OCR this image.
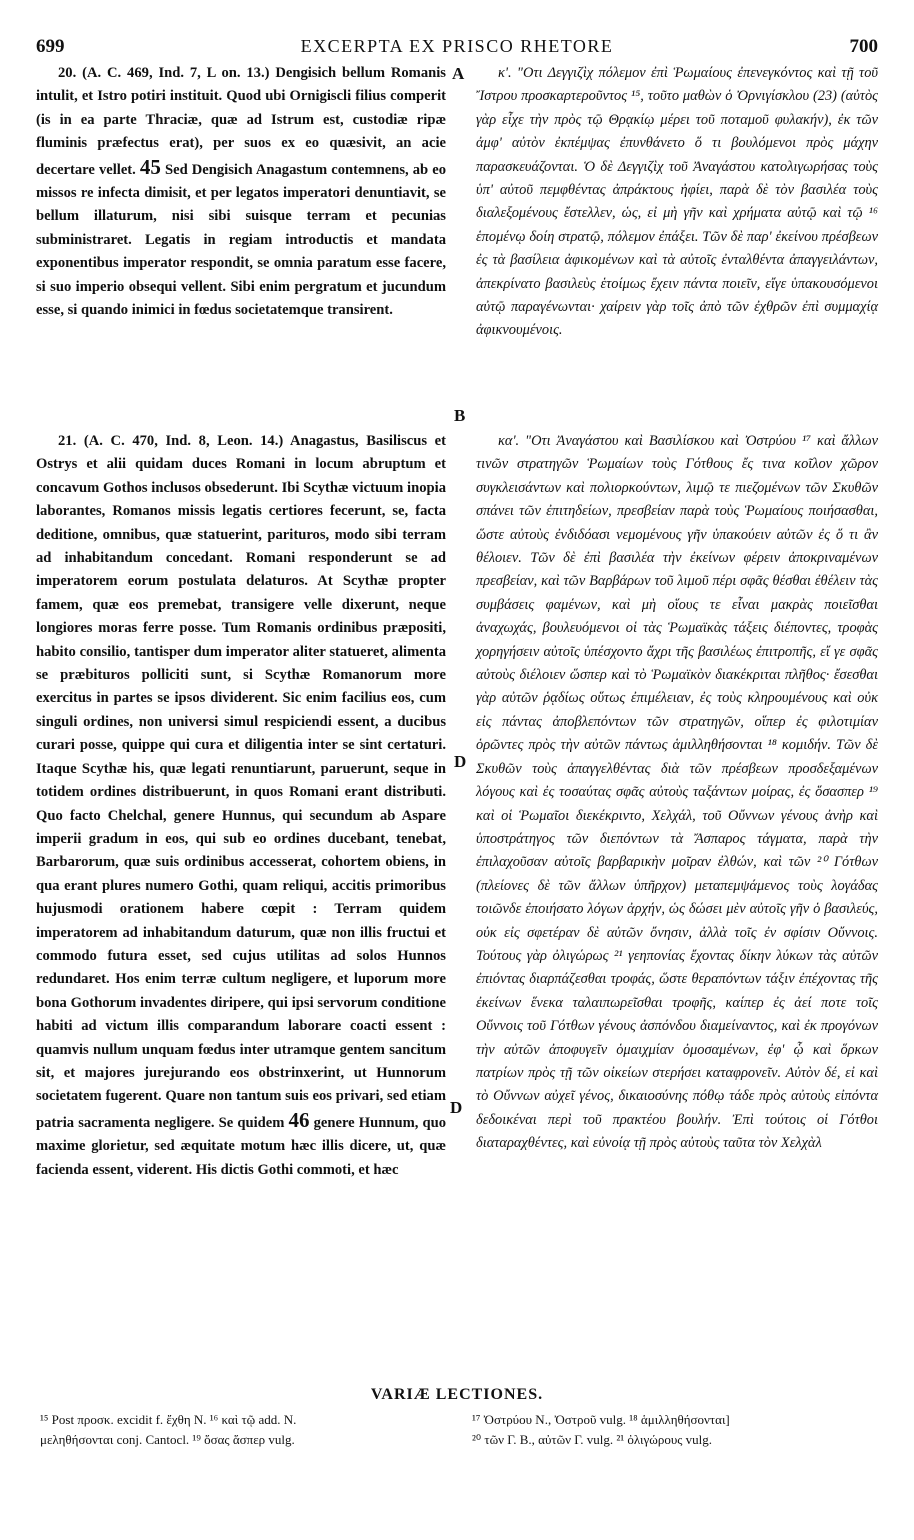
699	EXCERPTA EX PRISCO RHETORE	700

20. (A. C. 469, Ind. 7, L on. 13.) Dengisich bellum Romanis intulit, et Istro potiri instituit. Quod ubi Ornigiscli filius comperit (is in ea parte Thraciæ, quæ ad Istrum est, custodiæ ripæ fluminis præfectus erat), per suos ex eo quæsivit, an acie decertare vellet. 45 Sed Dengisich Anagastum contemnens, ab eo missos re infecta dimisit, et per legatos imperatori denuntiavit, se bellum illaturum, nisi sibi suisque terram et pecunias subministraret. Legatis in regiam introductis et mandata exponentibus imperator respondit, se omnia paratum esse facere, si suo imperio obsequi vellent. Sibi enim pergratum et jucundum esse, si quando inimici in fœdus societatemque transirent.

21. (A. C. 470, Ind. 8, Leon. 14.) Anagastus, Basiliscus et Ostrys et alii quidam duces Romani in locum abruptum et concavum Gothos inclusos obsederunt. Ibi Scythæ victuum inopia laborantes, Romanos missis legatis certiores fecerunt, se, facta deditione, omnibus, quæ statuerint, parituros, modo sibi terram ad inhabitandum concedant. Romani responderunt se ad imperatorem eorum postulata delaturos. At Scythæ propter famem, quæ eos premebat, transigere velle dixerunt, neque longiores moras ferre posse. Tum Romanis ordinibus præpositi, habito consilio, tantisper dum imperator aliter statueret, alimenta se præbituros polliciti sunt, si Scythæ Romanorum more exercitus in partes se ipsos dividerent. Sic enim facilius eos, cum singuli ordines, non universi simul respiciendi essent, a ducibus curari posse, quippe qui cura et diligentia inter se sint certaturi. Itaque Scythæ his, quæ legati renuntiarunt, paruerunt, seque in totidem ordines distribuerunt, in quos Romani erant distributi. Quo facto Chelchal, genere Hunnus, qui secundum ab Aspare imperii gradum in eos, qui sub eo ordines ducebant, tenebat, Barbarorum, quæ suis ordinibus accesserat, cohortem obiens, in qua erant plures numero Gothi, quam reliqui, accitis primoribus hujusmodi orationem habere cœpit : Terram quidem imperatorem ad inhabitandum daturum, quæ non illis fructui et commodo futura esset, sed cujus utilitas ad solos Hunnos redundaret. Hos enim terræ cultum negligere, et luporum more bona Gothorum invadentes diripere, qui ipsi servorum conditione habiti ad victum illis comparandum laborare coacti essent : quamvis nullum unquam fœdus inter utramque gentem sancitum sit, et majores jurejurando eos obstrinxerint, ut Hunnorum societatem fugerent. Quare non tantum suis eos privari, sed etiam patria sacramenta negligere. Se quidem 46 genere Hunnum, quo maxime glorietur, sed æquitate motum hæc illis dicere, ut, quæ facienda essent, viderent. His dictis Gothi commoti, et hæc

A
B
D
D

κʹ. "Οτι Δεγγιζὶχ πόλεμον ἐπὶ Ῥωμαίους ἐπενεγκόντος καὶ τῇ τοῦ Ἴστρου προσκαρτεροῦντος ¹⁵, τοῦτο μαθὼν ὁ Ὀρνιγίσκλου (23) (αὐτὸς γὰρ εἶχε τὴν πρὸς τῷ Θρᾳκίῳ μέρει τοῦ ποταμοῦ φυλακήν), ἐκ τῶν ἀμφ' αὐτὸν ἐκπέμψας ἐπυνθάνετο ὅ τι βουλόμενοι πρὸς μάχην παρασκευάζονται. Ὁ δὲ Δεγγιζὶχ τοῦ Ἀναγάστου κατολιγωρήσας τοὺς ὑπ' αὐτοῦ πεμφθέντας ἀπράκτους ἠφίει, παρὰ δὲ τὸν βασιλέα τοὺς διαλεξομένους ἔστελλεν, ὡς, εἰ μὴ γῆν καὶ χρήματα αὐτῷ καὶ τῷ ¹⁶ ἑπομένῳ δοίη στρατῷ, πόλεμον ἐπάξει. Τῶν δὲ παρ' ἐκείνου πρέσβεων ἐς τὰ βασίλεια ἀφικομένων καὶ τὰ αὐτοῖς ἐνταλθέντα ἀπαγγειλάντων, ἀπεκρίνατο βασιλεὺς ἑτοίμως ἔχειν πάντα ποιεῖν, εἴγε ὑπακουσόμενοι αὐτῷ παραγένωνται· χαίρειν γὰρ τοῖς ἀπὸ τῶν ἐχθρῶν ἐπὶ συμμαχίᾳ ἀφικνουμένοις.

καʹ. "Οτι Ἀναγάστου καὶ Βασιλίσκου καὶ Ὀστρύου ¹⁷ καὶ ἄλλων τινῶν στρατηγῶν Ῥωμαίων τοὺς Γότθους ἔς τινα κοῖλον χῶρον συγκλεισάντων καὶ πολιορκούντων, λιμῷ τε πιεζομένων τῶν Σκυθῶν σπάνει τῶν ἐπιτηδείων, πρεσβείαν παρὰ τοὺς Ῥωμαίους ποιήσασθαι, ὥστε αὐτοὺς ἐνδιδόασι νεμομένους γῆν ὑπακούειν αὐτῶν ἐς ὅ τι ἂν θέλοιεν. Τῶν δὲ ἐπὶ βασιλέα τὴν ἐκείνων φέρειν ἀποκριναμένων πρεσβείαν, καὶ τῶν Βαρβάρων τοῦ λιμοῦ πέρι σφᾶς θέσθαι ἐθέλειν τὰς συμβάσεις φαμένων, καὶ μὴ οἵους τε εἶναι μακρὰς ποιεῖσθαι ἀναχωχάς, βουλευόμενοι οἱ τὰς Ῥωμαϊκὰς τάξεις διέποντες, τροφὰς χορηγήσειν αὐτοῖς ὑπέσχοντο ἄχρι τῆς βασιλέως ἐπιτροπῆς, εἴ γε σφᾶς αὐτοὺς διέλοιεν ὥσπερ καὶ τὸ Ῥωμαϊκὸν διακέκριται πλῆθος· ἔσεσθαι γὰρ αὐτῶν ῥᾳδίως οὕτως ἐπιμέλειαν, ἐς τοὺς κληρουμένους καὶ οὐκ εἰς πάντας ἀποβλεπόντων τῶν στρατηγῶν, οἵπερ ἐς φιλοτιμίαν ὁρῶντες πρὸς τὴν αὐτῶν πάντως ἁμιλληθήσονται ¹⁸ κομιδήν. Τῶν δὲ Σκυθῶν τοὺς ἀπαγγελθέντας διὰ τῶν πρέσβεων προσδεξαμένων λόγους καὶ ἐς τοσαύτας σφᾶς αὐτοὺς ταξάντων μοίρας, ἐς ὅσασπερ ¹⁹ καὶ οἱ Ῥωμαῖοι διεκέκριντο, Χελχάλ, τοῦ Οὔννων γένους ἀνὴρ καὶ ὑποστράτηγος τῶν διεπόντων τὰ Ἄσπαρος τάγματα, παρὰ τὴν ἐπιλαχοῦσαν αὐτοῖς βαρβαρικὴν μοῖραν ἐλθών, καὶ τῶν ²⁰ Γότθων (πλείονες δὲ τῶν ἄλλων ὑπῆρχον) μεταπεμψάμενος τοὺς λογάδας τοιῶνδε ἐποιήσατο λόγων ἀρχήν, ὡς δώσει μὲν αὐτοῖς γῆν ὁ βασιλεύς, οὐκ εἰς σφετέραν δὲ αὐτῶν ὄνησιν, ἀλλὰ τοῖς ἐν σφίσιν Οὔννοις. Τούτους γὰρ ὀλιγώρως ²¹ γεηπονίας ἔχοντας δίκην λύκων τὰς αὐτῶν ἐπιόντας διαρπάζεσθαι τροφάς, ὥστε θεραπόντων τάξιν ἐπέχοντας τῆς ἐκείνων ἕνεκα ταλαιπωρεῖσθαι τροφῆς, καίπερ ἐς ἀεί ποτε τοῖς Οὔννοις τοῦ Γότθων γένους ἀσπόνδου διαμείναντος, καὶ ἐκ προγόνων τὴν αὐτῶν ἀποφυγεῖν ὁμαιχμίαν ὀμοσαμένων, ἐφ' ᾧ καὶ ὅρκων πατρίων πρὸς τῇ τῶν οἰκείων στερήσει καταφρονεῖν. Αὐτὸν δέ, εἰ καὶ τὸ Οὔννων αὐχεῖ γένος, δικαιοσύνης πόθῳ τάδε πρὸς αὐτοὺς εἰπόντα δεδοικέναι περὶ τοῦ πρακτέου βουλήν. Ἐπὶ τούτοις οἱ Γότθοι διαταραχθέντες, καὶ εὐνοίᾳ τῇ πρὸς αὐτοὺς ταῦτα τὸν Χελχὰλ

VARIÆ LECTIONES.
¹⁵ Post προσκ. excidit f. ἔχθη N. ¹⁶ καὶ τῷ add. N.	¹⁷ Ὀστρύου N., Ὀστροῦ vulg. ¹⁸ ἁμιλληθήσονται]
μεληθήσονται conj. Cantocl. ¹⁹ ὅσας ἅσπερ vulg.	²⁰ τῶν Γ. B., αὐτῶν Γ. vulg. ²¹ ὀλιγώρους vulg.
